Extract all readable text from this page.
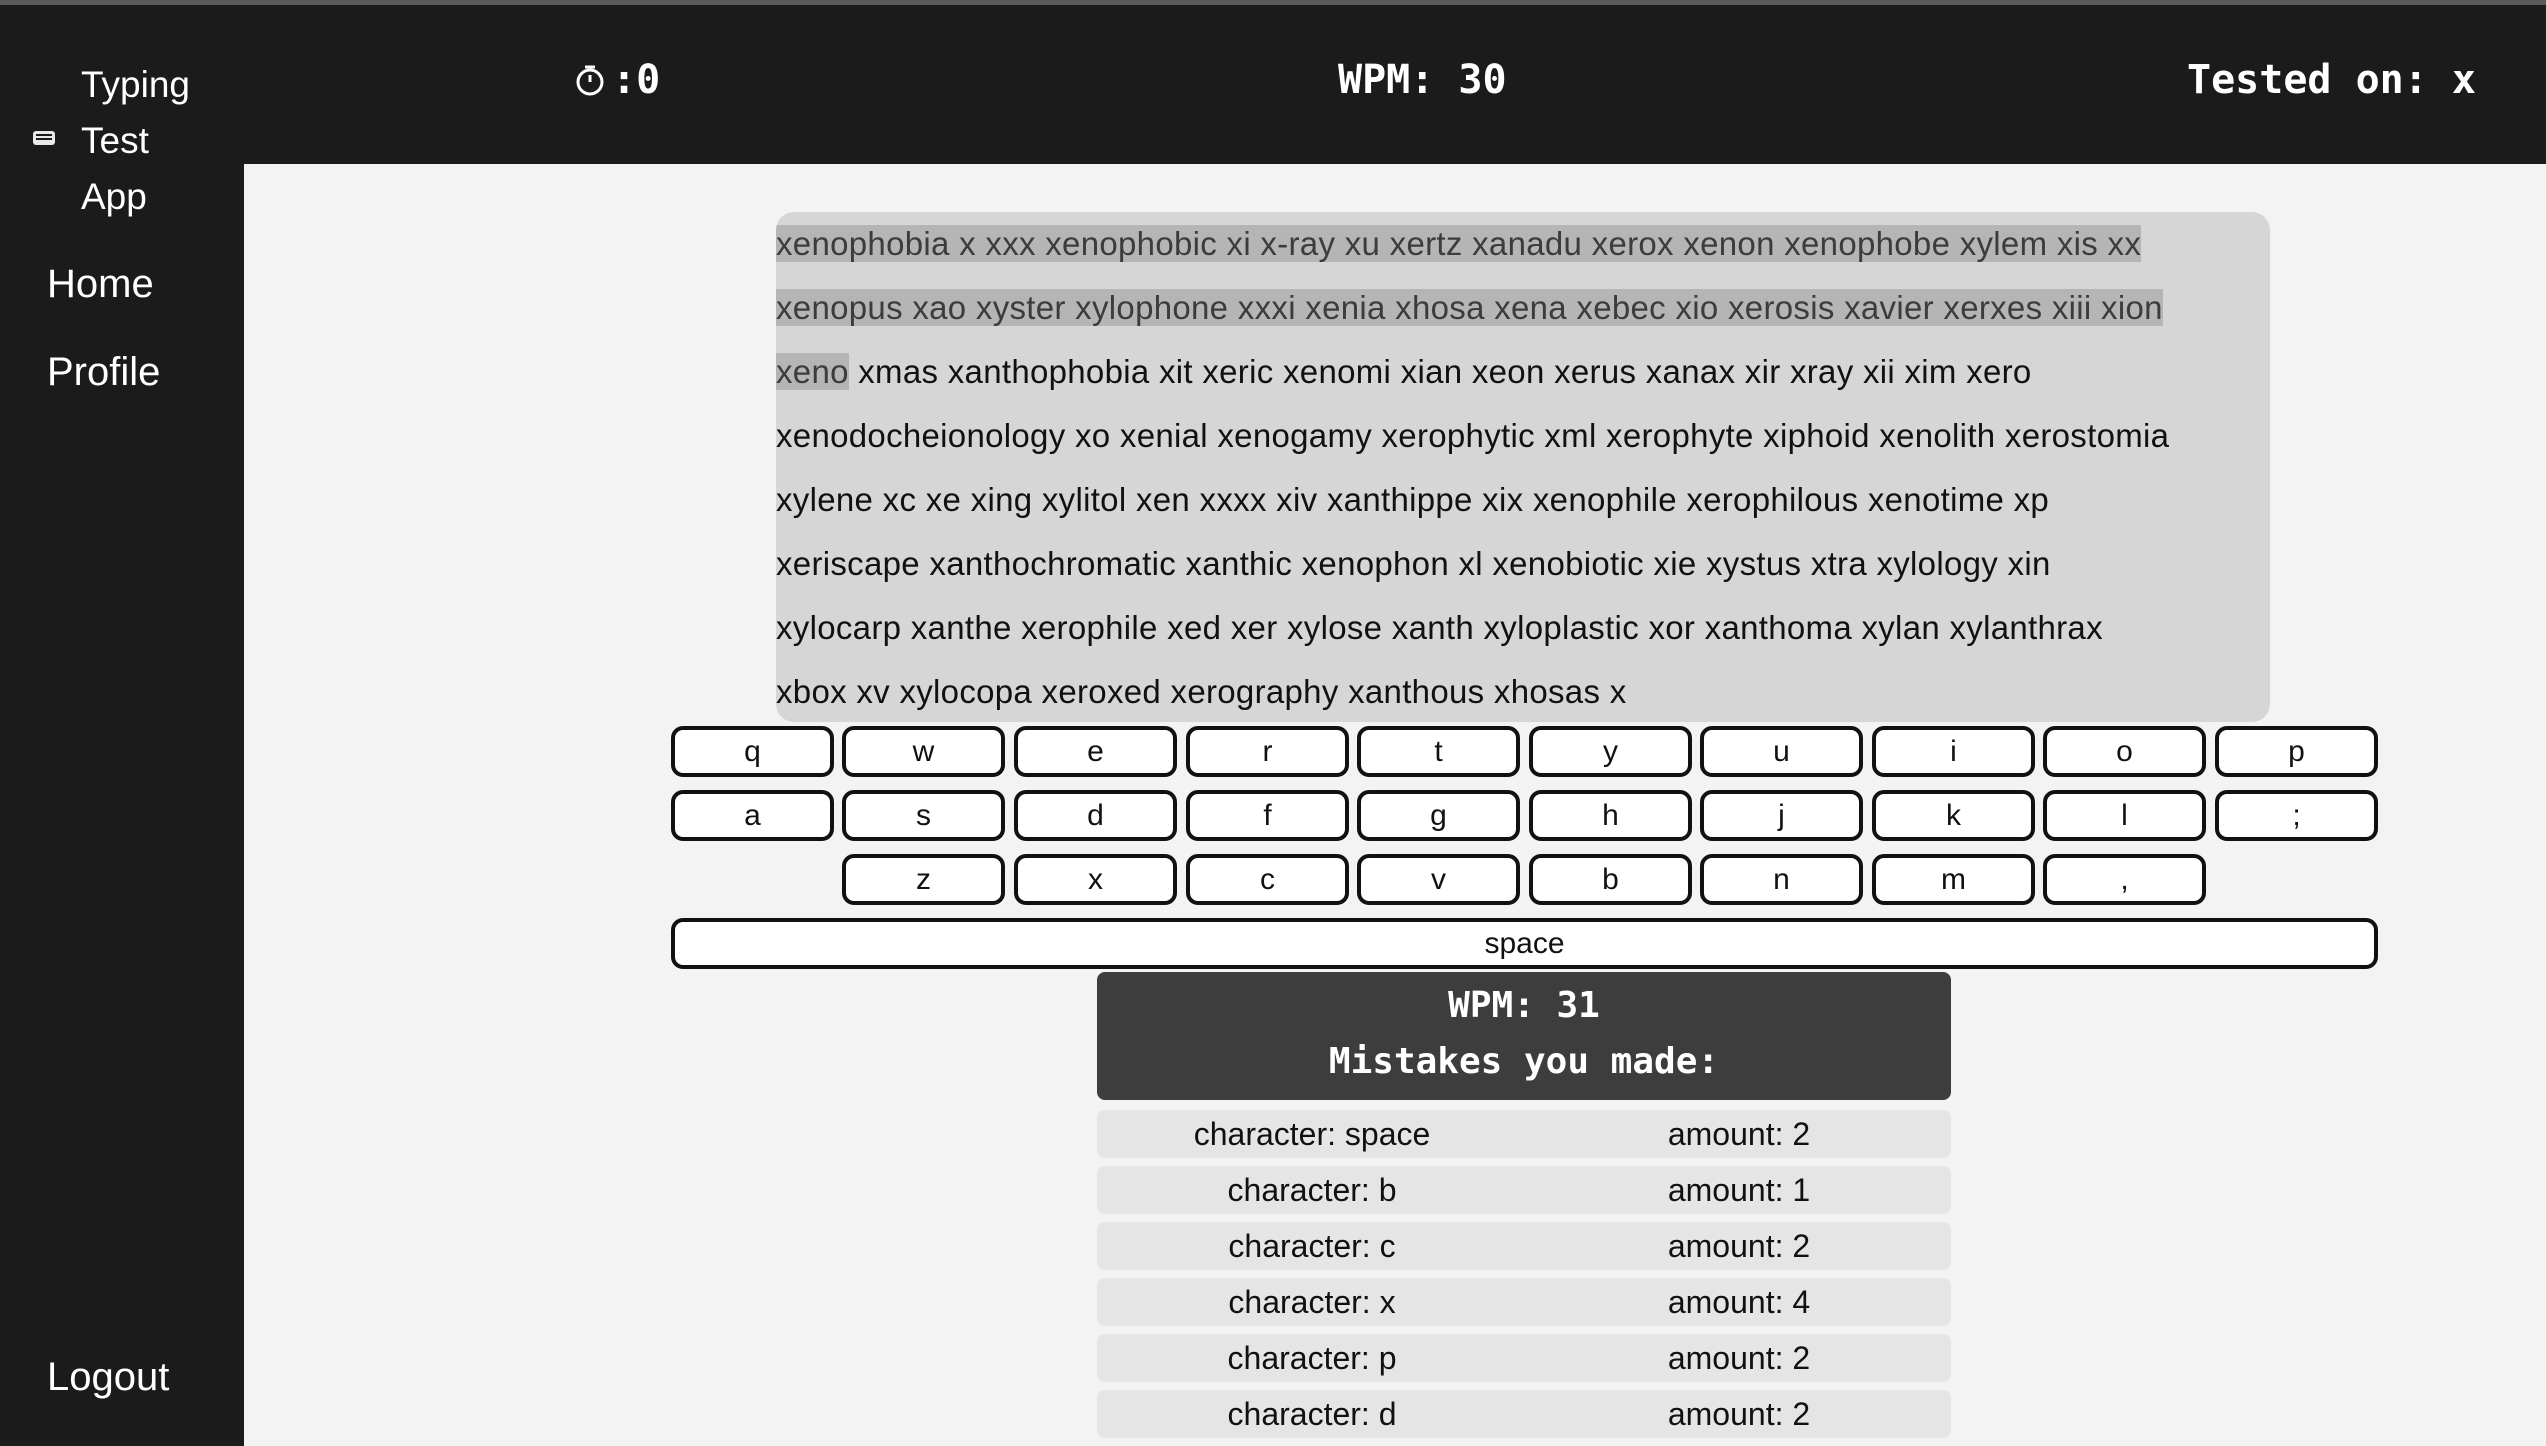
Typing
Test
App
Home
Profile
Logout
:0	WPM: 30	Tested on: x
xenophobia x xxx xenophobic xi x-ray xu xertz xanadu xerox xenon xenophobe xylem xis xx
xenopus xao xyster xylophone xxxi xenia xhosa xena xebec xio xerosis xavier xerxes xiii xion
xeno xmas xanthophobia xit xeric xenomi xian xeon xerus xanax xir xray xii xim xero
xenodocheionology xo xenial xenogamy xerophytic xml xerophyte xiphoid xenolith xerostomia
xylene xc xe xing xylitol xen xxxx xiv xanthippe xix xenophile xerophilous xenotime xp
xeriscape xanthochromatic xanthic xenophon xl xenobiotic xie xystus xtra xylology xin
xylocarp xanthe xerophile xed xer xylose xanth xyloplastic xor xanthoma xylan xylanthrax
xbox xv xylocopa xeroxed xerography xanthous xhosas x
q	w	e	r	t	y	u	i	o	p
a	s	d	f	g	h	j	k	l	;
z	x	c	v	b	n	m	,
space
WPM: 31
Mistakes you made:
character: space	amount: 2
character: b	amount: 1
character: c	amount: 2
character: x	amount: 4
character: p	amount: 2
character: d	amount: 2
